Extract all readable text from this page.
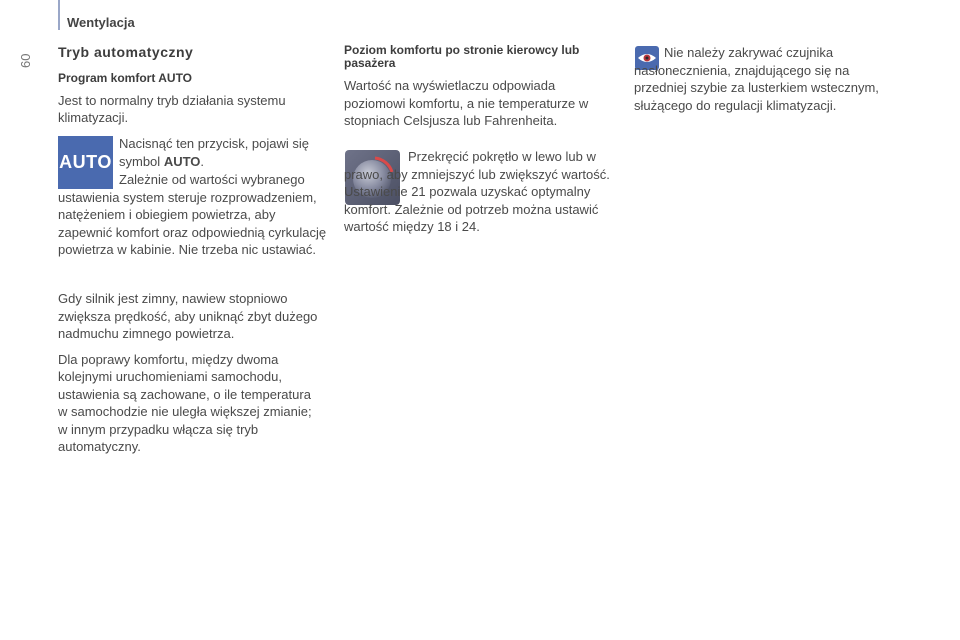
60
Wentylacja

Tryb automatyczny

Program komfort AUTO

Jest to normalny tryb działania systemu klimatyzacji.

AUTO

Nacisnąć ten przycisk, pojawi się symbol AUTO.

Zależnie od wartości wybranego ustawienia system steruje rozprowadzeniem, natężeniem i obiegiem powietrza, aby zapewnić komfort oraz odpowiednią cyrkulację powietrza w kabinie. Nie trzeba nic ustawiać.

Gdy silnik jest zimny, nawiew stopniowo zwiększa prędkość, aby uniknąć zbyt dużego nadmuchu zimnego powietrza.

Dla poprawy komfortu, między dwoma kolejnymi uruchomieniami samochodu, ustawienia są zachowane, o ile temperatura w samochodzie nie uległa większej zmianie; w innym przypadku włącza się tryb automatyczny.

Poziom komfortu po stronie kierowcy lub pasażera

Wartość na wyświetlaczu odpowiada poziomowi komfortu, a nie temperaturze w stopniach Celsjusza lub Fahrenheita.

Przekręcić pokrętło w lewo lub w prawo, aby zmniejszyć lub zwiększyć wartość. Ustawienie 21 pozwala uzyskać optymalny komfort. Zależnie od potrzeb można ustawić wartość między 18 i 24.

Nie należy zakrywać czujnika nasłonecznienia, znajdującego się na przedniej szybie za lusterkiem wstecznym, służącego do regulacji klimatyzacji.
